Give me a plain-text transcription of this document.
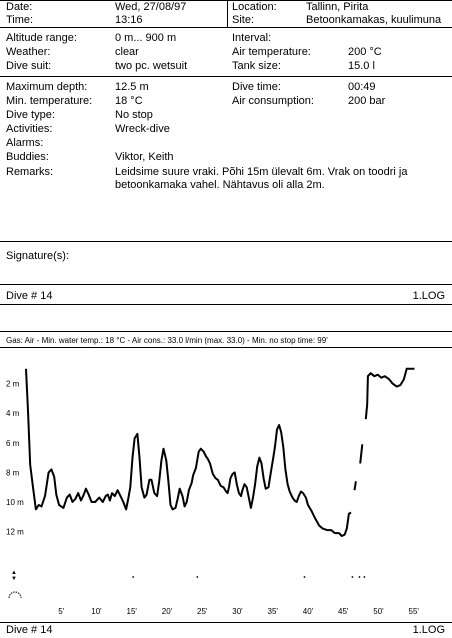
Date:	Wed, 27/08/97
Time:	13:16
Location:	Tallinn, Pirita
Site:	Betoonkamakas, kuulimuna
Altitude range:	0 m... 900 m
Weather:	clear
Dive suit:	two pc. wetsuit
Interval:
Air temperature:	200 °C
Tank size:	15.0 l
Maximum depth:	12.5 m
Min. temperature: 18 °C
Dive type:	No stop
Activities:	Wreck-dive
Alarms:
Buddies:	Viktor, Keith
Remarks:	Leidsime suure vraki. Põhi 15m ülevalt 6m. Vrak on toodri ja
betoonkamaka vahel. Nähtavus oli alla 2m.
Dive time:	00:49
Air consumption:	200 bar
Signature(s):
Dive # 14	1.LOG
Gas: Air - Min. water temp.: 18 °C - Air cons.: 33.0 l/min (max. 33.0) - Min. no stop time: 99'
2 m
4 m
6 m
8 m
10 m
12 m
5'	10'	15'	20'	25'	30'	35'	40'	45'	50'	55'
▲
▼
Dive # 14	1.LOG
